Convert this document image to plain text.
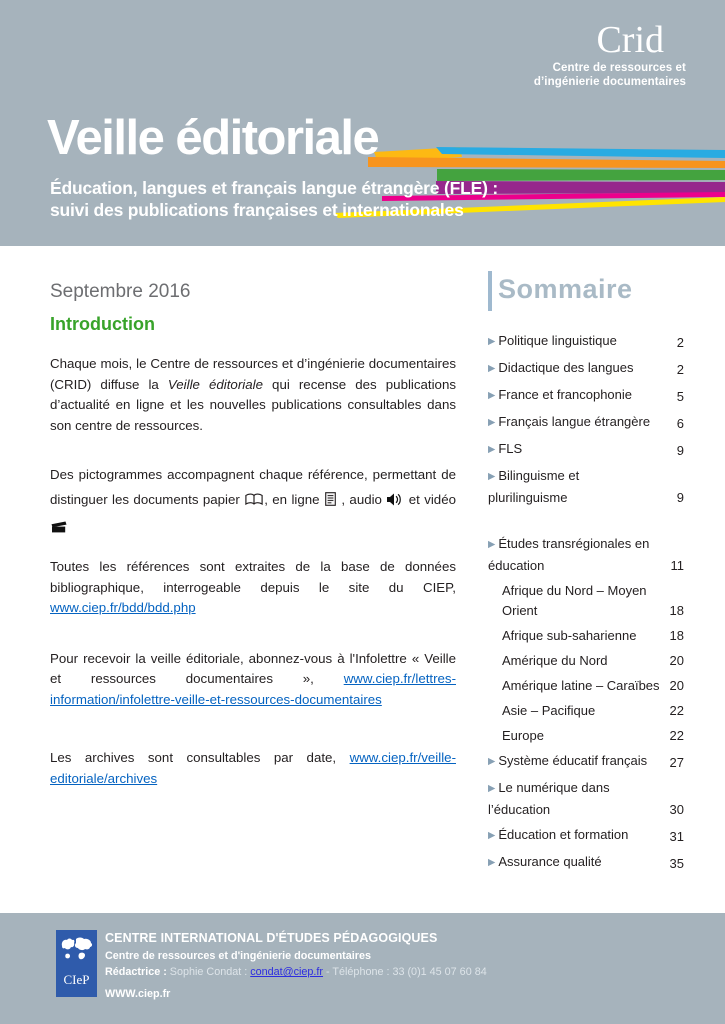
Crid
Centre de ressources et
d’ingénierie documentaires
Veille éditoriale
Éducation, langues et français langue étrangère (FLE) :
suivi des publications françaises et internationales
Septembre 2016
Introduction

Chaque mois, le Centre de ressources et d’ingénierie documentaires (CRID) diffuse la Veille éditoriale qui recense des publications d’actualité en ligne et les nouvelles publications consultables dans son centre de ressources.

Des pictogrammes accompagnent chaque référence, permettant de distinguer les documents papier , en ligne  , audio  et vidéo

Toutes les références sont extraites de la base de données bibliographique, interrogeable depuis le site du CIEP, www.ciep.fr/bdd/bdd.php

Pour recevoir la veille éditoriale, abonnez-vous à l'Infolettre « Veille et ressources documentaires », www.ciep.fr/lettres-information/infolettre-veille-et-ressources-documentaires

Les archives sont consultables par date, www.ciep.fr/veille-editoriale/archives

Sommaire
▶ Politique linguistique	2
▶ Didactique des langues	2
▶ France et francophonie	5
▶ Français langue étrangère	6
▶ FLS	9
▶ Bilinguisme et plurilinguisme	9
▶ Études transrégionales en éducation	11
Afrique du Nord – Moyen Orient	18
Afrique sub-saharienne	18
Amérique du Nord	20
Amérique latine – Caraïbes 20
Asie – Pacifique	22
Europe	22
▶ Système éducatif français	27
▶ Le numérique dans l’éducation	30
▶ Éducation et formation	31
▶ Assurance qualité	35
CIeP
CENTRE INTERNATIONAL D'ÉTUDES PÉDAGOGIQUES
Centre de ressources et d'ingénierie documentaires
Rédactrice : Sophie Condat : condat@ciep.fr - Téléphone : 33 (0)1 45 07 60 84
WWW.ciep.fr
